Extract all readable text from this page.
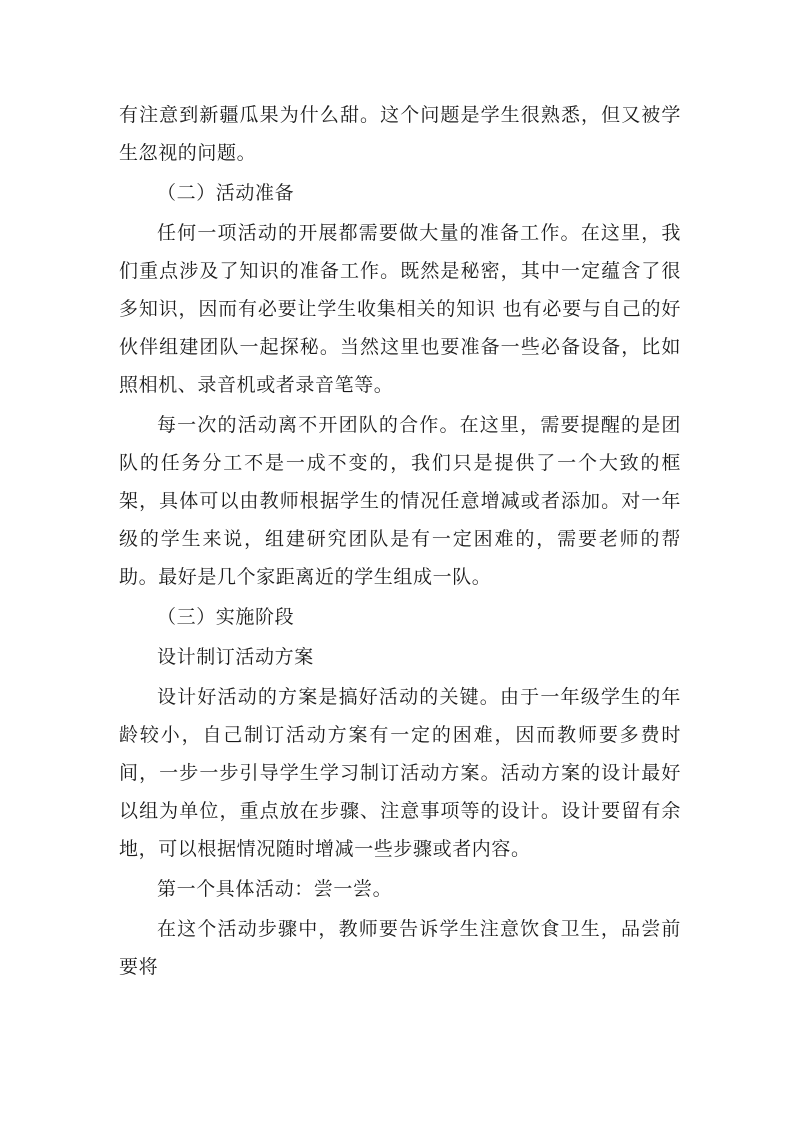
有注意到新疆瓜果为什么甜。这个问题是学生很熟悉，但又被学生忽视的问题。

（二）活动准备

任何一项活动的开展都需要做大量的准备工作。在这里，我们重点涉及了知识的准备工作。既然是秘密，其中一定蕴含了很多知识，因而有必要让学生收集相关的知识 也有必要与自己的好伙伴组建团队一起探秘。当然这里也要准备一些必备设备，比如照相机、录音机或者录音笔等。

每一次的活动离不开团队的合作。在这里，需要提醒的是团队的任务分工不是一成不变的，我们只是提供了一个大致的框架，具体可以由教师根据学生的情况任意增减或者添加。对一年级的学生来说，组建研究团队是有一定困难的，需要老师的帮助。最好是几个家距离近的学生组成一队。

（三）实施阶段

设计制订活动方案

设计好活动的方案是搞好活动的关键。由于一年级学生的年龄较小，自己制订活动方案有一定的困难，因而教师要多费时间，一步一步引导学生学习制订活动方案。活动方案的设计最好以组为单位，重点放在步骤、注意事项等的设计。设计要留有余地，可以根据情况随时增减一些步骤或者内容。

第一个具体活动：尝一尝。

在这个活动步骤中，教师要告诉学生注意饮食卫生，品尝前要将
